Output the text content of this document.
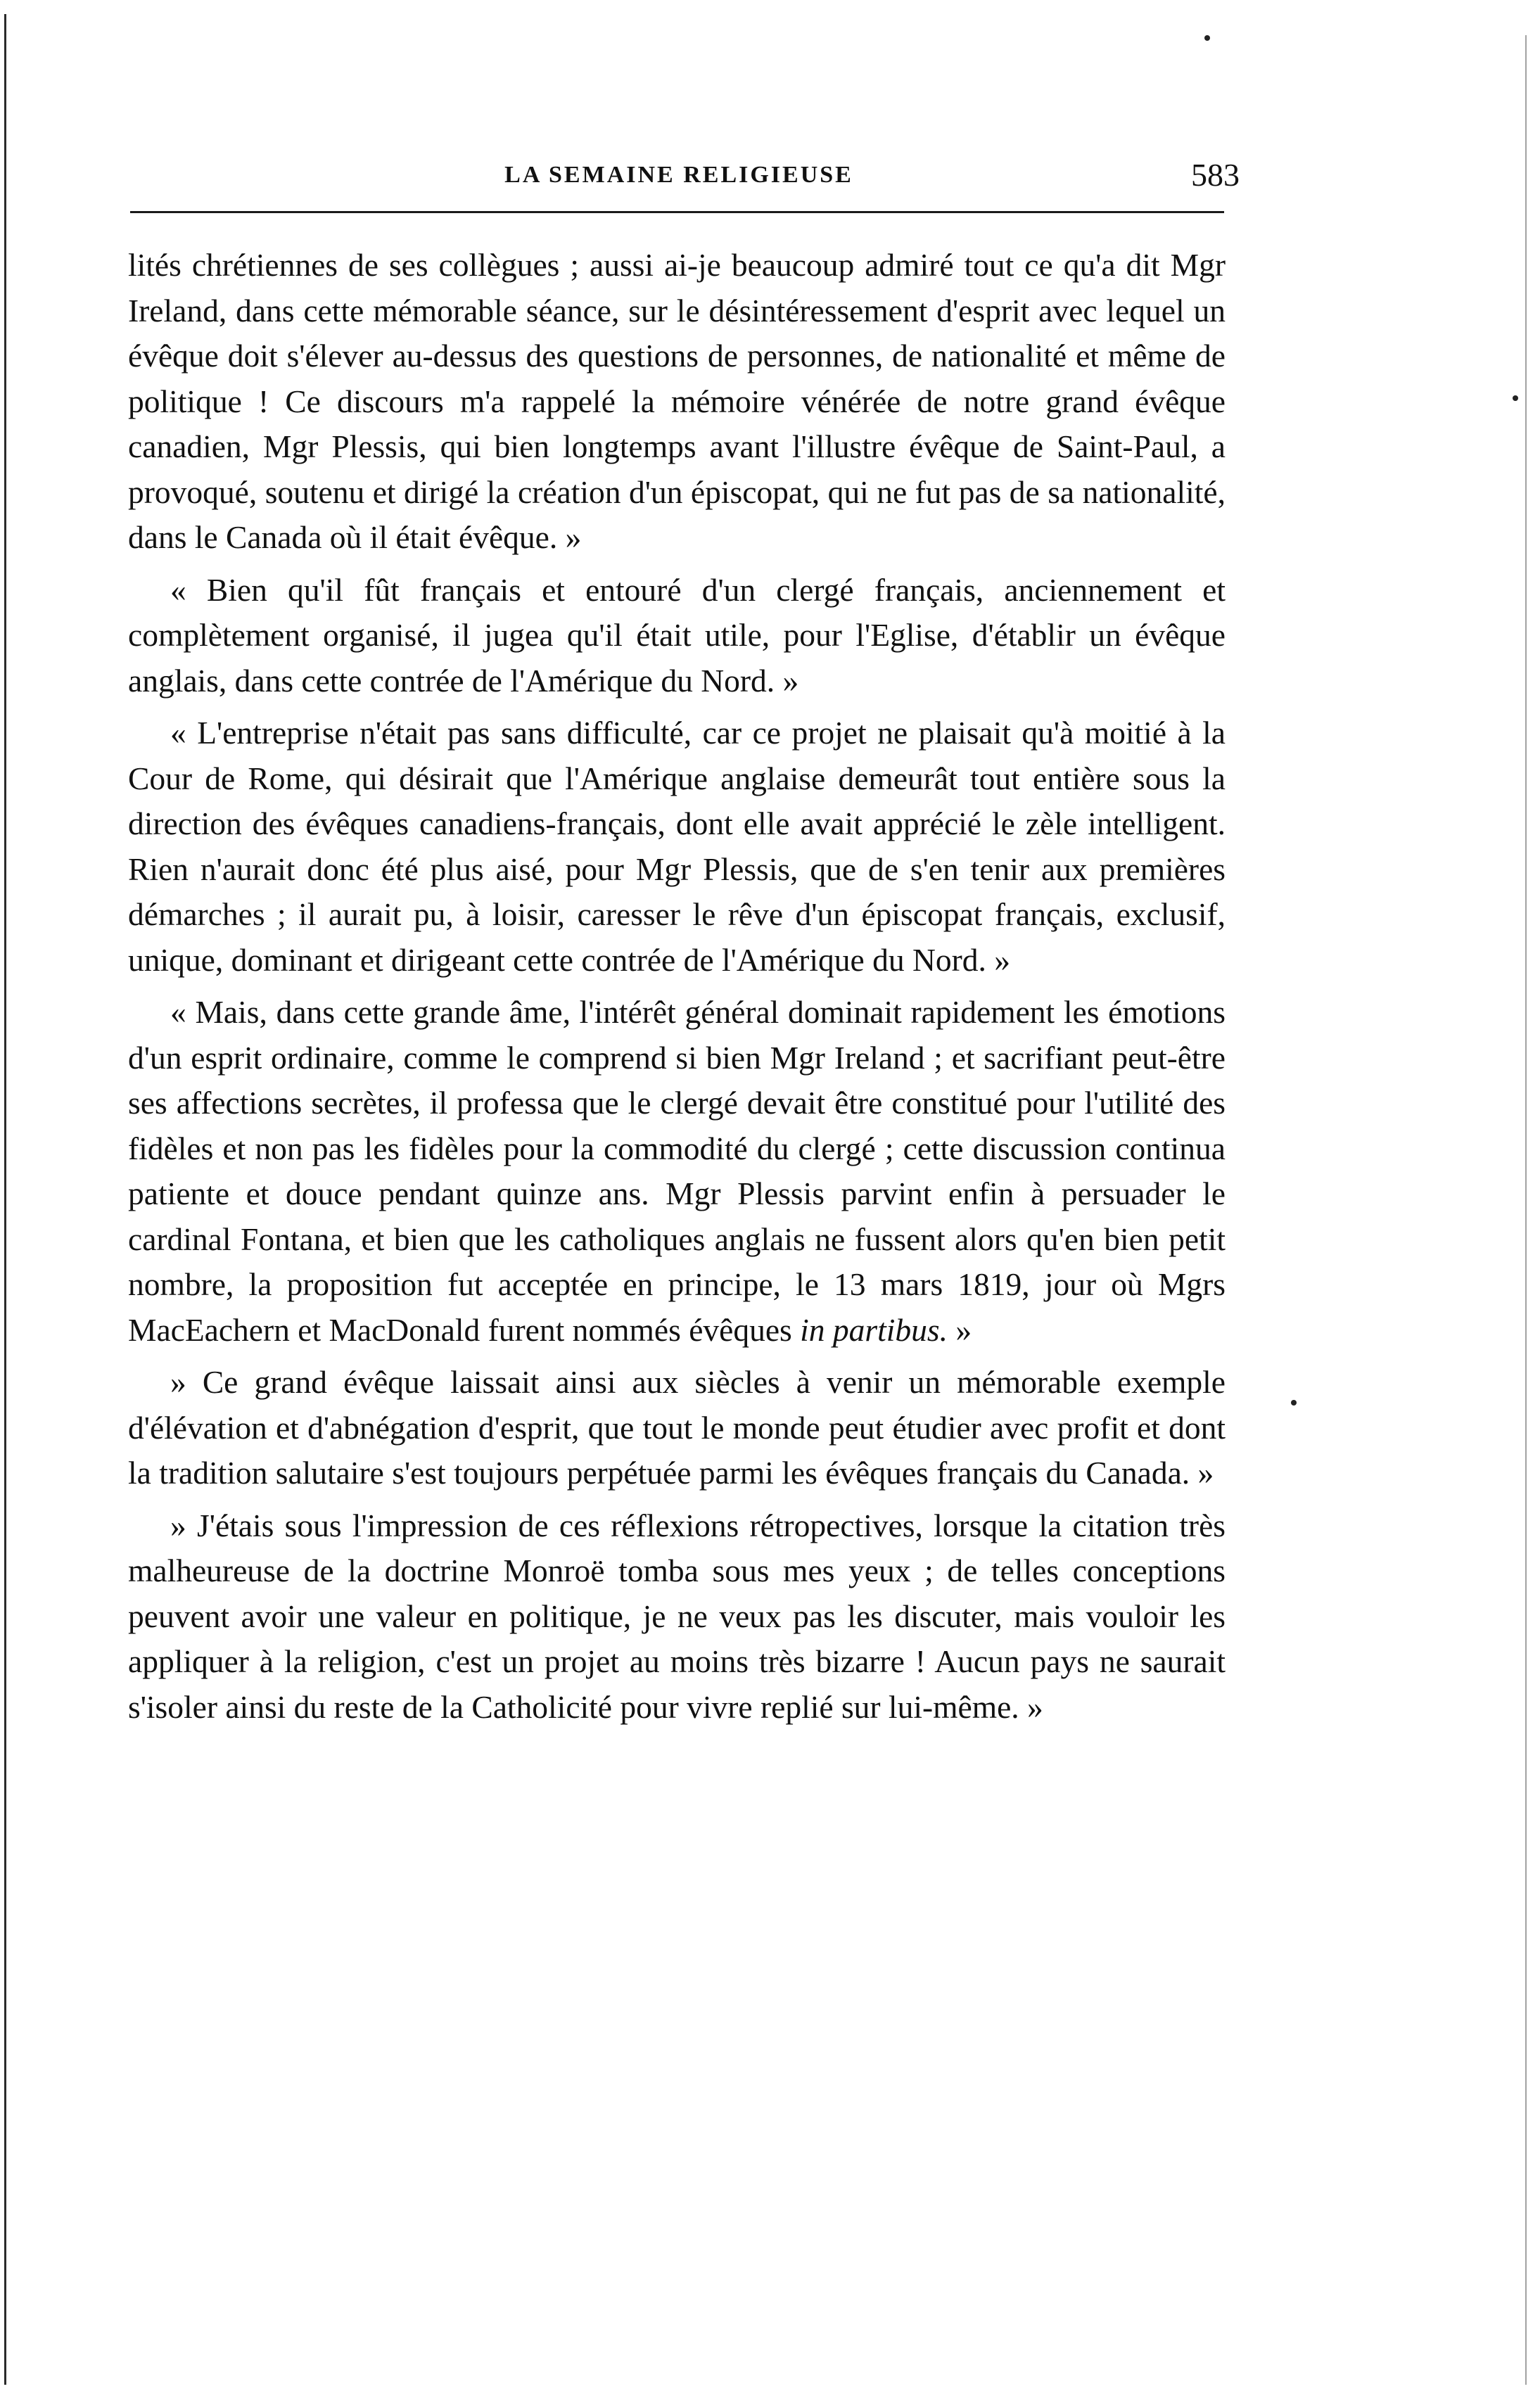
LA SEMAINE RELIGIEUSE	583

lités chrétiennes de ses collègues ; aussi ai-je beaucoup admiré tout ce qu'a dit Mgr Ireland, dans cette mémorable séance, sur le désintéressement d'esprit avec lequel un évêque doit s'élever au-dessus des questions de personnes, de nationalité et même de politique ! Ce discours m'a rappelé la mémoire vénérée de notre grand évêque canadien, Mgr Plessis, qui bien longtemps avant l'illustre évêque de Saint-Paul, a provoqué, soutenu et dirigé la création d'un épiscopat, qui ne fut pas de sa nationalité, dans le Canada où il était évêque. »

« Bien qu'il fût français et entouré d'un clergé français, anciennement et complètement organisé, il jugea qu'il était utile, pour l'Eglise, d'établir un évêque anglais, dans cette contrée de l'Amérique du Nord. »

« L'entreprise n'était pas sans difficulté, car ce projet ne plaisait qu'à moitié à la Cour de Rome, qui désirait que l'Amérique anglaise demeurât tout entière sous la direction des évêques canadiens-français, dont elle avait apprécié le zèle intelligent. Rien n'aurait donc été plus aisé, pour Mgr Plessis, que de s'en tenir aux premières démarches ; il aurait pu, à loisir, caresser le rêve d'un épiscopat français, exclusif, unique, dominant et dirigeant cette contrée de l'Amérique du Nord. »

« Mais, dans cette grande âme, l'intérêt général dominait rapidement les émotions d'un esprit ordinaire, comme le comprend si bien Mgr Ireland ; et sacrifiant peut-être ses affections secrètes, il professa que le clergé devait être constitué pour l'utilité des fidèles et non pas les fidèles pour la commodité du clergé ; cette discussion continua patiente et douce pendant quinze ans. Mgr Plessis parvint enfin à persuader le cardinal Fontana, et bien que les catholiques anglais ne fussent alors qu'en bien petit nombre, la proposition fut acceptée en principe, le 13 mars 1819, jour où Mgrs MacEachern et MacDonald furent nommés évêques in partibus. »

» Ce grand évêque laissait ainsi aux siècles à venir un mémorable exemple d'élévation et d'abnégation d'esprit, que tout le monde peut étudier avec profit et dont la tradition salutaire s'est toujours perpétuée parmi les évêques français du Canada. »

» J'étais sous l'impression de ces réflexions rétropectives, lorsque la citation très malheureuse de la doctrine Monroë tomba sous mes yeux ; de telles conceptions peuvent avoir une valeur en politique, je ne veux pas les discuter, mais vouloir les appliquer à la religion, c'est un projet au moins très bizarre ! Aucun pays ne saurait s'isoler ainsi du reste de la Catholicité pour vivre replié sur lui-même. »
